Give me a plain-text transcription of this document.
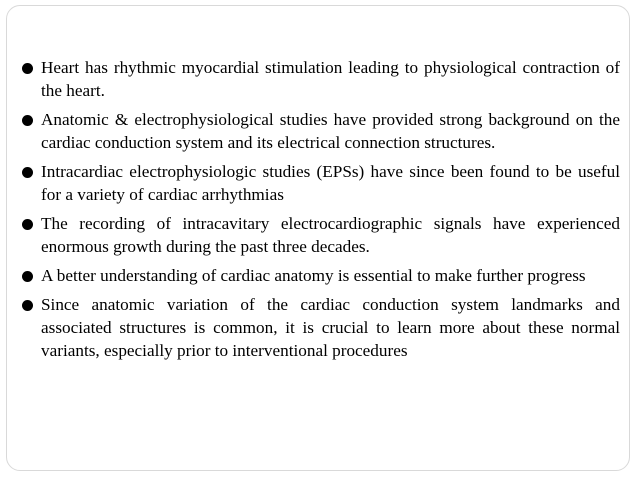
Heart has rhythmic myocardial stimulation leading to physiological contraction of the heart.
Anatomic & electrophysiological studies have provided strong background on the cardiac conduction system and its electrical connection structures.
Intracardiac electrophysiologic studies (EPSs) have since been found to be useful for a variety of cardiac arrhythmias
The recording of intracavitary electrocardiographic signals have experienced enormous growth during the past three decades.
A better understanding of cardiac anatomy is essential to make further progress
Since anatomic variation of the cardiac conduction system landmarks and associated structures is common, it is crucial to learn more about these normal variants, especially prior to interventional procedures
